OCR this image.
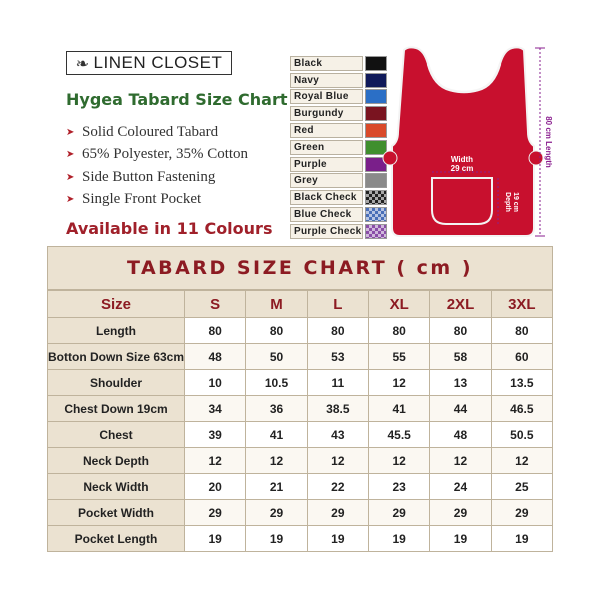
❧ LINEN CLOSET
Hygea Tabard Size Chart
➤ Solid Coloured Tabard
➤ 65% Polyester, 35% Cotton
➤ Side Button Fastening
➤ Single Front Pocket
Available in 11 Colours
Black
Navy
Royal Blue
Burgundy
Red
Green
Purple
Grey
Black Check
Blue Check
Purple Check
Width
29 cm
Depth 19 cm
80 cm Length
TABARD SIZE CHART ( cm )
Size	S	M	L	XL	2XL	3XL
Length	80	80	80	80	80	80
Botton Down Size 63cm	48	50	53	55	58	60
Shoulder	10	10.5	11	12	13	13.5
Chest Down 19cm	34	36	38.5	41	44	46.5
Chest	39	41	43	45.5	48	50.5
Neck Depth	12	12	12	12	12	12
Neck Width	20	21	22	23	24	25
Pocket Width	29	29	29	29	29	29
Pocket Length	19	19	19	19	19	19
